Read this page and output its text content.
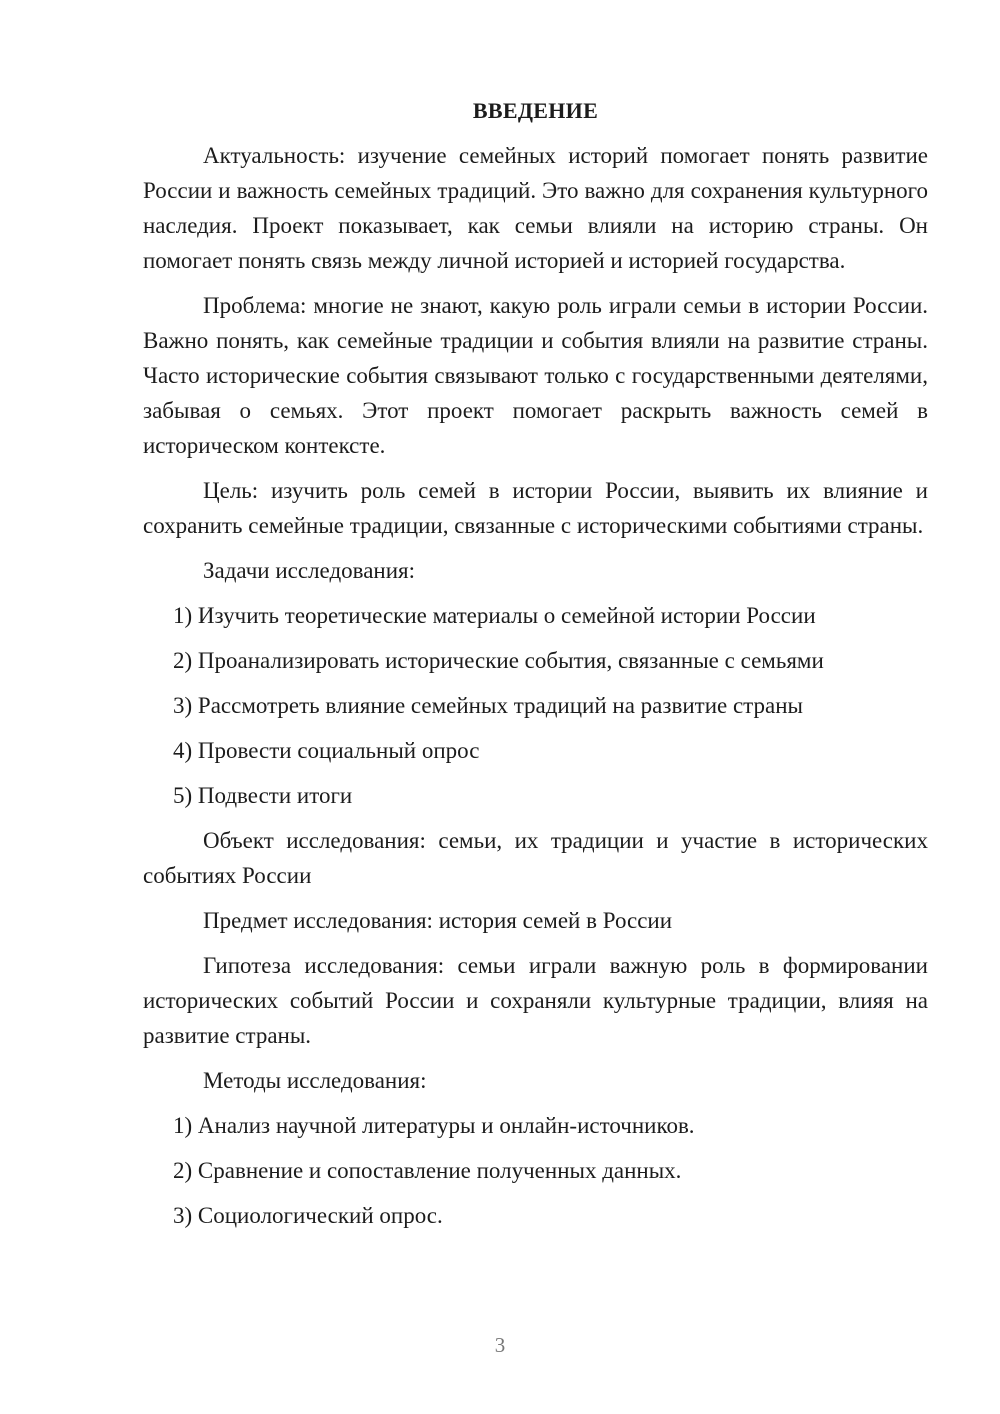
ВВЕДЕНИЕ

Актуальность: изучение семейных историй помогает понять развитие России и важность семейных традиций. Это важно для сохранения культурного наследия. Проект показывает, как семьи влияли на историю страны. Он помогает понять связь между личной историей и историей государства.

Проблема: многие не знают, какую роль играли семьи в истории России. Важно понять, как семейные традиции и события влияли на развитие страны. Часто исторические события связывают только с государственными деятелями, забывая о семьях. Этот проект помогает раскрыть важность семей в историческом контексте.

Цель: изучить роль семей в истории России, выявить их влияние и сохранить семейные традиции, связанные с историческими событиями страны.

Задачи исследования:
1) Изучить теоретические материалы о семейной истории России
2) Проанализировать исторические события, связанные с семьями
3) Рассмотреть влияние семейных традиций на развитие страны
4) Провести социальный опрос
5) Подвести итоги

Объект исследования: семьи, их традиции и участие в исторических событиях России

Предмет исследования: история семей в России

Гипотеза исследования: семьи играли важную роль в формировании исторических событий России и сохраняли культурные традиции, влияя на развитие страны.

Методы исследования:
1) Анализ научной литературы и онлайн-источников.
2) Сравнение и сопоставление полученных данных.
3) Социологический опрос.
3
